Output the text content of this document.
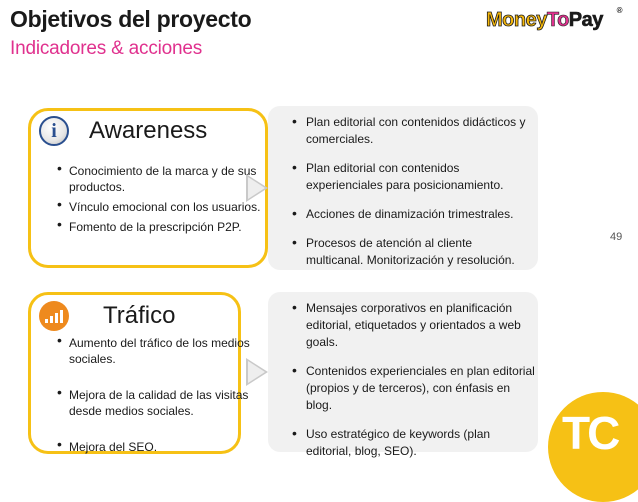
Objetivos del proyecto
Indicadores & acciones
MoneyToPay ®
i Awareness
• Conocimiento de la marca y de sus productos.
• Vínculo emocional con los usuarios.
• Fomento de la prescripción P2P.
• Plan editorial con contenidos didácticos y comerciales.
• Plan editorial con contenidos experienciales para posicionamiento.
• Acciones de dinamización trimestrales.
• Procesos de atención al cliente multicanal. Monitorización y resolución.
Tráfico
• Aumento del tráfico de los medios sociales.
• Mejora de la calidad de las visitas desde medios sociales.
• Mejora del SEO.
• Mensajes corporativos en planificación editorial, etiquetados y orientados a web goals.
• Contenidos experienciales en plan editorial (propios y de terceros), con énfasis en blog.
• Uso estratégico de keywords (plan editorial, blog, SEO).
49
TC
